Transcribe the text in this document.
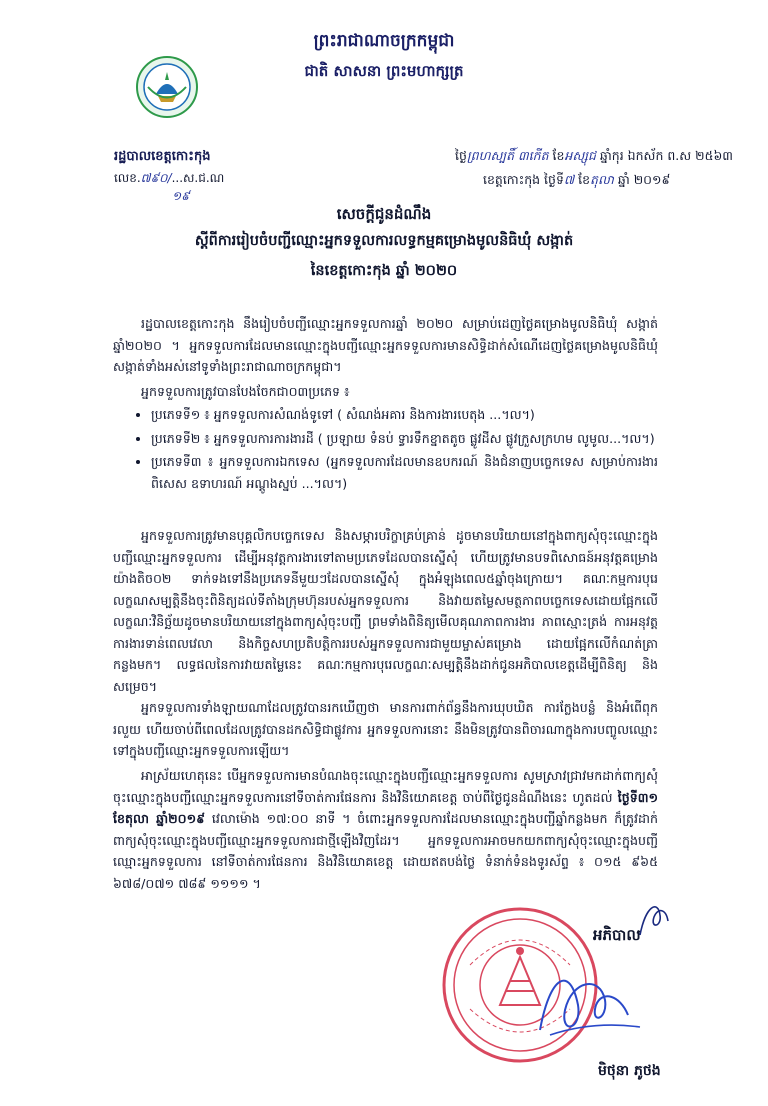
ព្រះរាជាណាចក្រកម្ពុជា
ជាតិ សាសនា ព្រះមហាក្សត្រ
រដ្ឋបាលខេត្តកោះកុង
លេខ.៧៩០/...ស.ជ.ណ
១៩
ថ្ងៃព្រហស្បតិ៍ ៣កើត ខែអស្សុជ ឆ្នាំកុរ ឯកស័ក ព.ស ២៥៦៣
ខេត្តកោះកុង ថ្ងៃទី៧ ខែតុលា ឆ្នាំ ២០១៩
សេចក្តីជូនដំណឹង
ស្តីពីការរៀបចំបញ្ជីឈ្មោះអ្នកទទួលការលទ្ធកម្មគម្រោងមូលនិធិឃុំ សង្កាត់
នៃខេត្តកោះកុង ឆ្នាំ ២០២០

រដ្ឋបាលខេត្តកោះកុង នឹងរៀបចំបញ្ជីឈ្មោះអ្នកទទួលការឆ្នាំ ២០២០ សម្រាប់ដេញថ្លៃគម្រោងមូលនិធិឃុំ សង្កាត់ឆ្នាំ២០២០ ។ អ្នកទទួលការដែលមានឈ្មោះក្នុងបញ្ជីឈ្មោះអ្នកទទួលការមានសិទ្ធិដាក់សំណើដេញថ្លៃគម្រោងមូលនិធិឃុំ សង្កាត់ទាំងអស់នៅទូទាំងព្រះរាជាណាចក្រកម្ពុជា។

អ្នកទទួលការត្រូវបានបែងចែកជា០៣ប្រភេទ ៖

• ប្រភេទទី១ ៖ អ្នកទទួលការសំណង់ទូទៅ ( សំណង់អគារ និងការងារបេតុង ...។ល។)
• ប្រភេទទី២ ៖ អ្នកទទួលការការងារដី ( ប្រឡាយ ទំនប់ ទ្វារទឹកខ្នាតតូច ផ្លូវដីស ផ្លូវក្រួសក្រហម លូមូល...។ល។)
• ប្រភេទទី៣ ៖ អ្នកទទួលការឯកទេស (អ្នកទទួលការដែលមានឧបករណ៍ និងជំនាញបច្ចេកទេស សម្រាប់ការងារ ពិសេស ឧទាហរណ៍ អណ្តូងស្នប់ ...។ល។)

អ្នកទទួលការត្រូវមានបុគ្គលិកបច្ចេកទេស និងសម្ភារបរិក្ខាគ្រប់គ្រាន់ ដូចមានបរិយាយនៅក្នុងពាក្យសុំចុះឈ្មោះក្នុងបញ្ជីឈ្មោះអ្នកទទួលការ ដើម្បីអនុវត្តការងារទៅតាមប្រភេទដែលបានស្នើសុំ ហើយត្រូវមានបទពិសោធន៍អនុវត្តគម្រោងយ៉ាងតិច០២ ទាក់ទងទៅនឹងប្រភេទនីមួយៗដែលបានស្នើសុំ ក្នុងអំឡុងពេល៥ឆ្នាំចុងក្រោយ។ គណៈកម្មការបុរេលក្ខណសម្បត្តិនឹងចុះពិនិត្យដល់ទីតាំងក្រុមហ៊ុនរបស់អ្នកទទួលការ និងវាយតម្លៃសមត្ថភាពបច្ចេកទេសដោយផ្អែកលើលក្ខណៈវិនិច្ឆ័យដូចមានបរិយាយនៅក្នុងពាក្យសុំចុះបញ្ជី ព្រមទាំងពិនិត្យមើលគុណភាពការងារ ភាពស្មោះត្រង់ ការអនុវត្តការងារទាន់ពេលវេលា និងកិច្ចសហប្រតិបត្តិការរបស់អ្នកទទួលការជាមួយម្ចាស់គម្រោង ដោយផ្អែកលើកំណត់ត្រាកន្លងមក។ លទ្ធផលនៃការវាយតម្លៃនេះ គណៈកម្មការបុរេលក្ខណៈសម្បត្តិនឹងដាក់ជូនអភិបាលខេត្តដើម្បីពិនិត្យ និងសម្រេច។

អ្នកទទួលការទាំងឡាយណាដែលត្រូវបានរកឃើញថា មានការពាក់ព័ន្ធនឹងការឃុបឃិត ការក្លែងបន្លំ និងអំពើពុករលួយ ហើយចាប់ពីពេលដែលត្រូវបានដកសិទ្ធិជាផ្លូវការ អ្នកទទួលការនោះ នឹងមិនត្រូវបានពិចារណាក្នុងការបញ្ចូលឈ្មោះទៅក្នុងបញ្ជីឈ្មោះអ្នកទទួលការឡើយ។

អាស្រ័យហេតុនេះ បើអ្នកទទួលការមានបំណងចុះឈ្មោះក្នុងបញ្ជីឈ្មោះអ្នកទទួលការ សូមស្រាវជ្រាវមកដាក់ពាក្យសុំចុះឈ្មោះក្នុងបញ្ជីឈ្មោះអ្នកទទួលការនៅទីចាត់ការផែនការ និងវិនិយោគខេត្ត ចាប់ពីថ្ងៃជូនដំណឹងនេះ ហូតដល់ ថ្ងៃទី៣១ ខែតុលា ឆ្នាំ២០១៩ វេលាម៉ោង ១៧:០០ នាទី ។ ចំពោះអ្នកទទួលការដែលមានឈ្មោះក្នុងបញ្ជីឆ្នាំកន្លងមក ក៏ត្រូវដាក់ពាក្យសុំចុះឈ្មោះក្នុងបញ្ជីឈ្មោះអ្នកទទួលការជាថ្មីឡើងវិញដែរ។ អ្នកទទួលការអាចមកយកពាក្យសុំចុះឈ្មោះក្នុងបញ្ជីឈ្មោះអ្នកទទួលការ នៅទីចាត់ការផែនការ និងវិនិយោគខេត្ត ដោយឥតបង់ថ្លៃ ទំនាក់ទំនងទូរស័ព្ទ ៖ ០១៥ ៩៦៥ ៦៧៨/០៧១ ៧៨៩ ១១១១ ។

អភិបាល
មិថុនា ភូថង
